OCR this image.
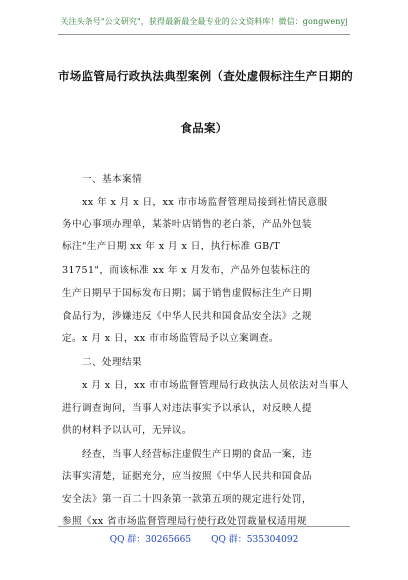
关注头条号"公文研究"，获得最新最全最专业的公文资料库！微信：gongwenyj
市场监管局行政执法典型案例（查处虚假标注生产日期的
食品案）
一、基本案情
xx 年 x 月 x 日，xx 市市场监督管理局接到社情民意服
务中心事项办理单，某茶叶店销售的老白茶，产品外包装
标注"生产日期 xx 年 x 月 x 日，执行标准 GB/T
31751"，而该标准 xx 年 x 月发布，产品外包装标注的
生产日期早于国标发布日期；属于销售虚假标注生产日期
食品行为，涉嫌违反《中华人民共和国食品安全法》之规
定。x 月 x 日，xx 市市场监管局予以立案调查。
二、处理结果
x 月 x 日，xx 市市场监督管理局行政执法人员依法对当事人
进行调查询问，当事人对违法事实予以承认，对反映人提
供的材料予以认可，无异议。
经查，当事人经营标注虚假生产日期的食品一案，违
法事实清楚，证据充分，应当按照《中华人民共和国食品
安全法》第一百二十四条第一款第五项的规定进行处罚，
参照《xx 省市场监督管理局行使行政处罚裁量权适用规
QQ 群：30265665 QQ 群：535304092
